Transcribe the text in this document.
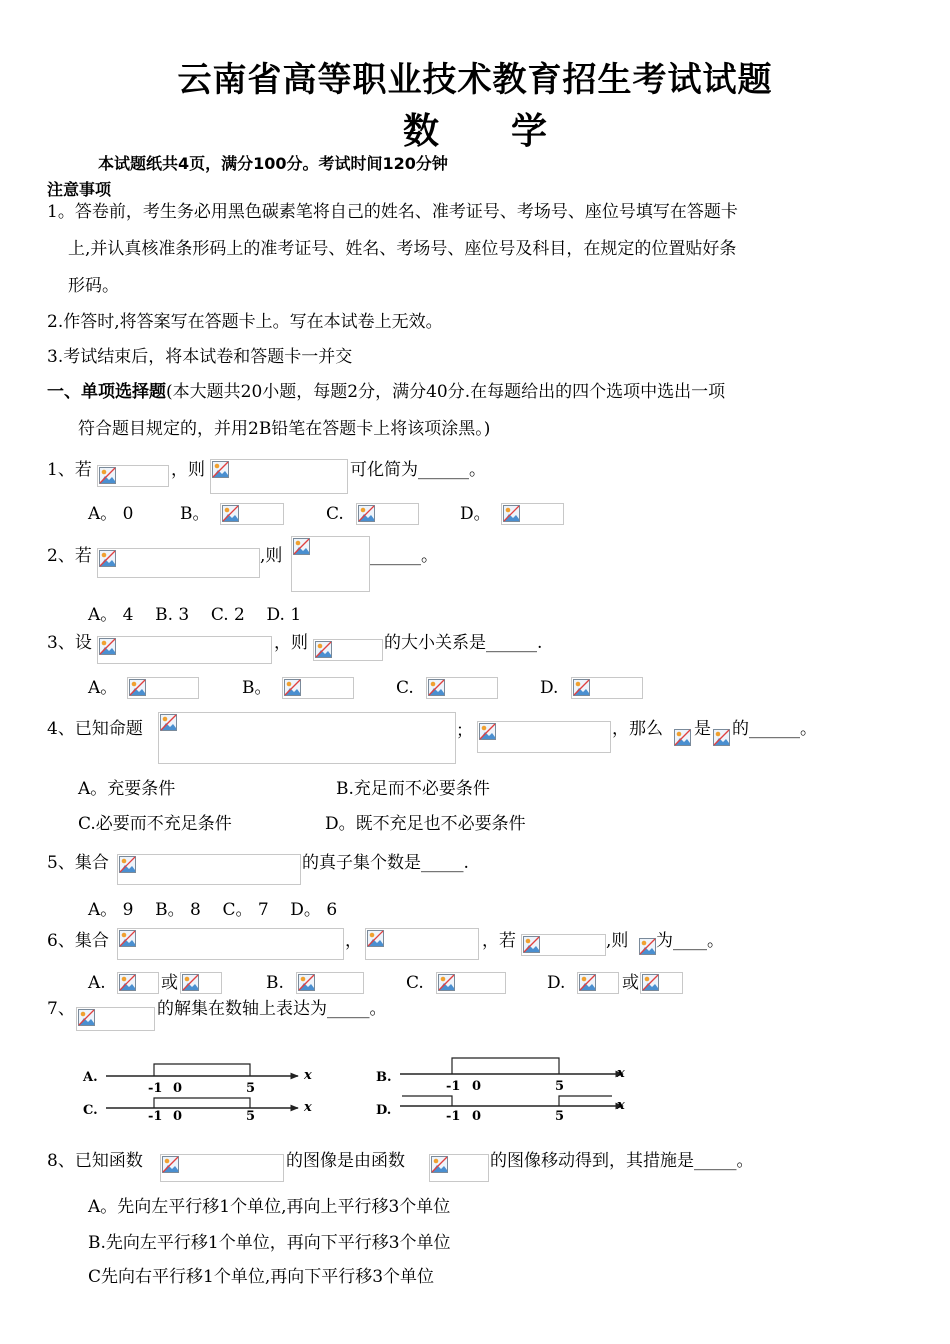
云南省高等职业技术教育招生考试试题
数　　学
本试题纸共4页，满分100分。考试时间120分钟
注意事项
1。答卷前，考生务必用黑色碳素笔将自己的姓名、准考证号、考场号、座位号填写在答题卡
上,并认真核准条形码上的准考证号、姓名、考场号、座位号及科目，在规定的位置贴好条
形码。
2.作答时,将答案写在答题卡上。写在本试卷上无效。
3.考试结束后，将本试卷和答题卡一并交
一、单项选择题(本大题共20小题，每题2分，满分40分.在每题给出的四个选项中选出一项
符合题目规定的，并用2B铅笔在答题卡上将该项涂黑。)
1、若	，则	可化简为______。
A。 0	B。	C.	D。
2、若	,则	______。
A。 4    B. 3    C. 2    D. 1
3、设	，则	的大小关系是______.
A。	B。	C.	D.
4、已知命题	；	，那么 是 的______。
A。充要条件	B.充足而不必要条件
C.必要而不充足条件	D。既不充足也不必要条件
5、集合	的真子集个数是_____.
A。 9    B。 8    C。 7    D。 6
6、集合	，	，若	,则 为____。
A.	或	B.	C.	D.	或
7、	的解集在数轴上表达为_____。
A.
-1 0	5
x	B.
-1 0	5
x
C.	-1 0	5
x	D.	-1 0	5
x
8、已知函数	的图像是由函数	的图像移动得到，其措施是_____。
A。先向左平行移1个单位,再向上平行移3个单位
B.先向左平行移1个单位，再向下平行移3个单位
C先向右平行移1个单位,再向下平行移3个单位
